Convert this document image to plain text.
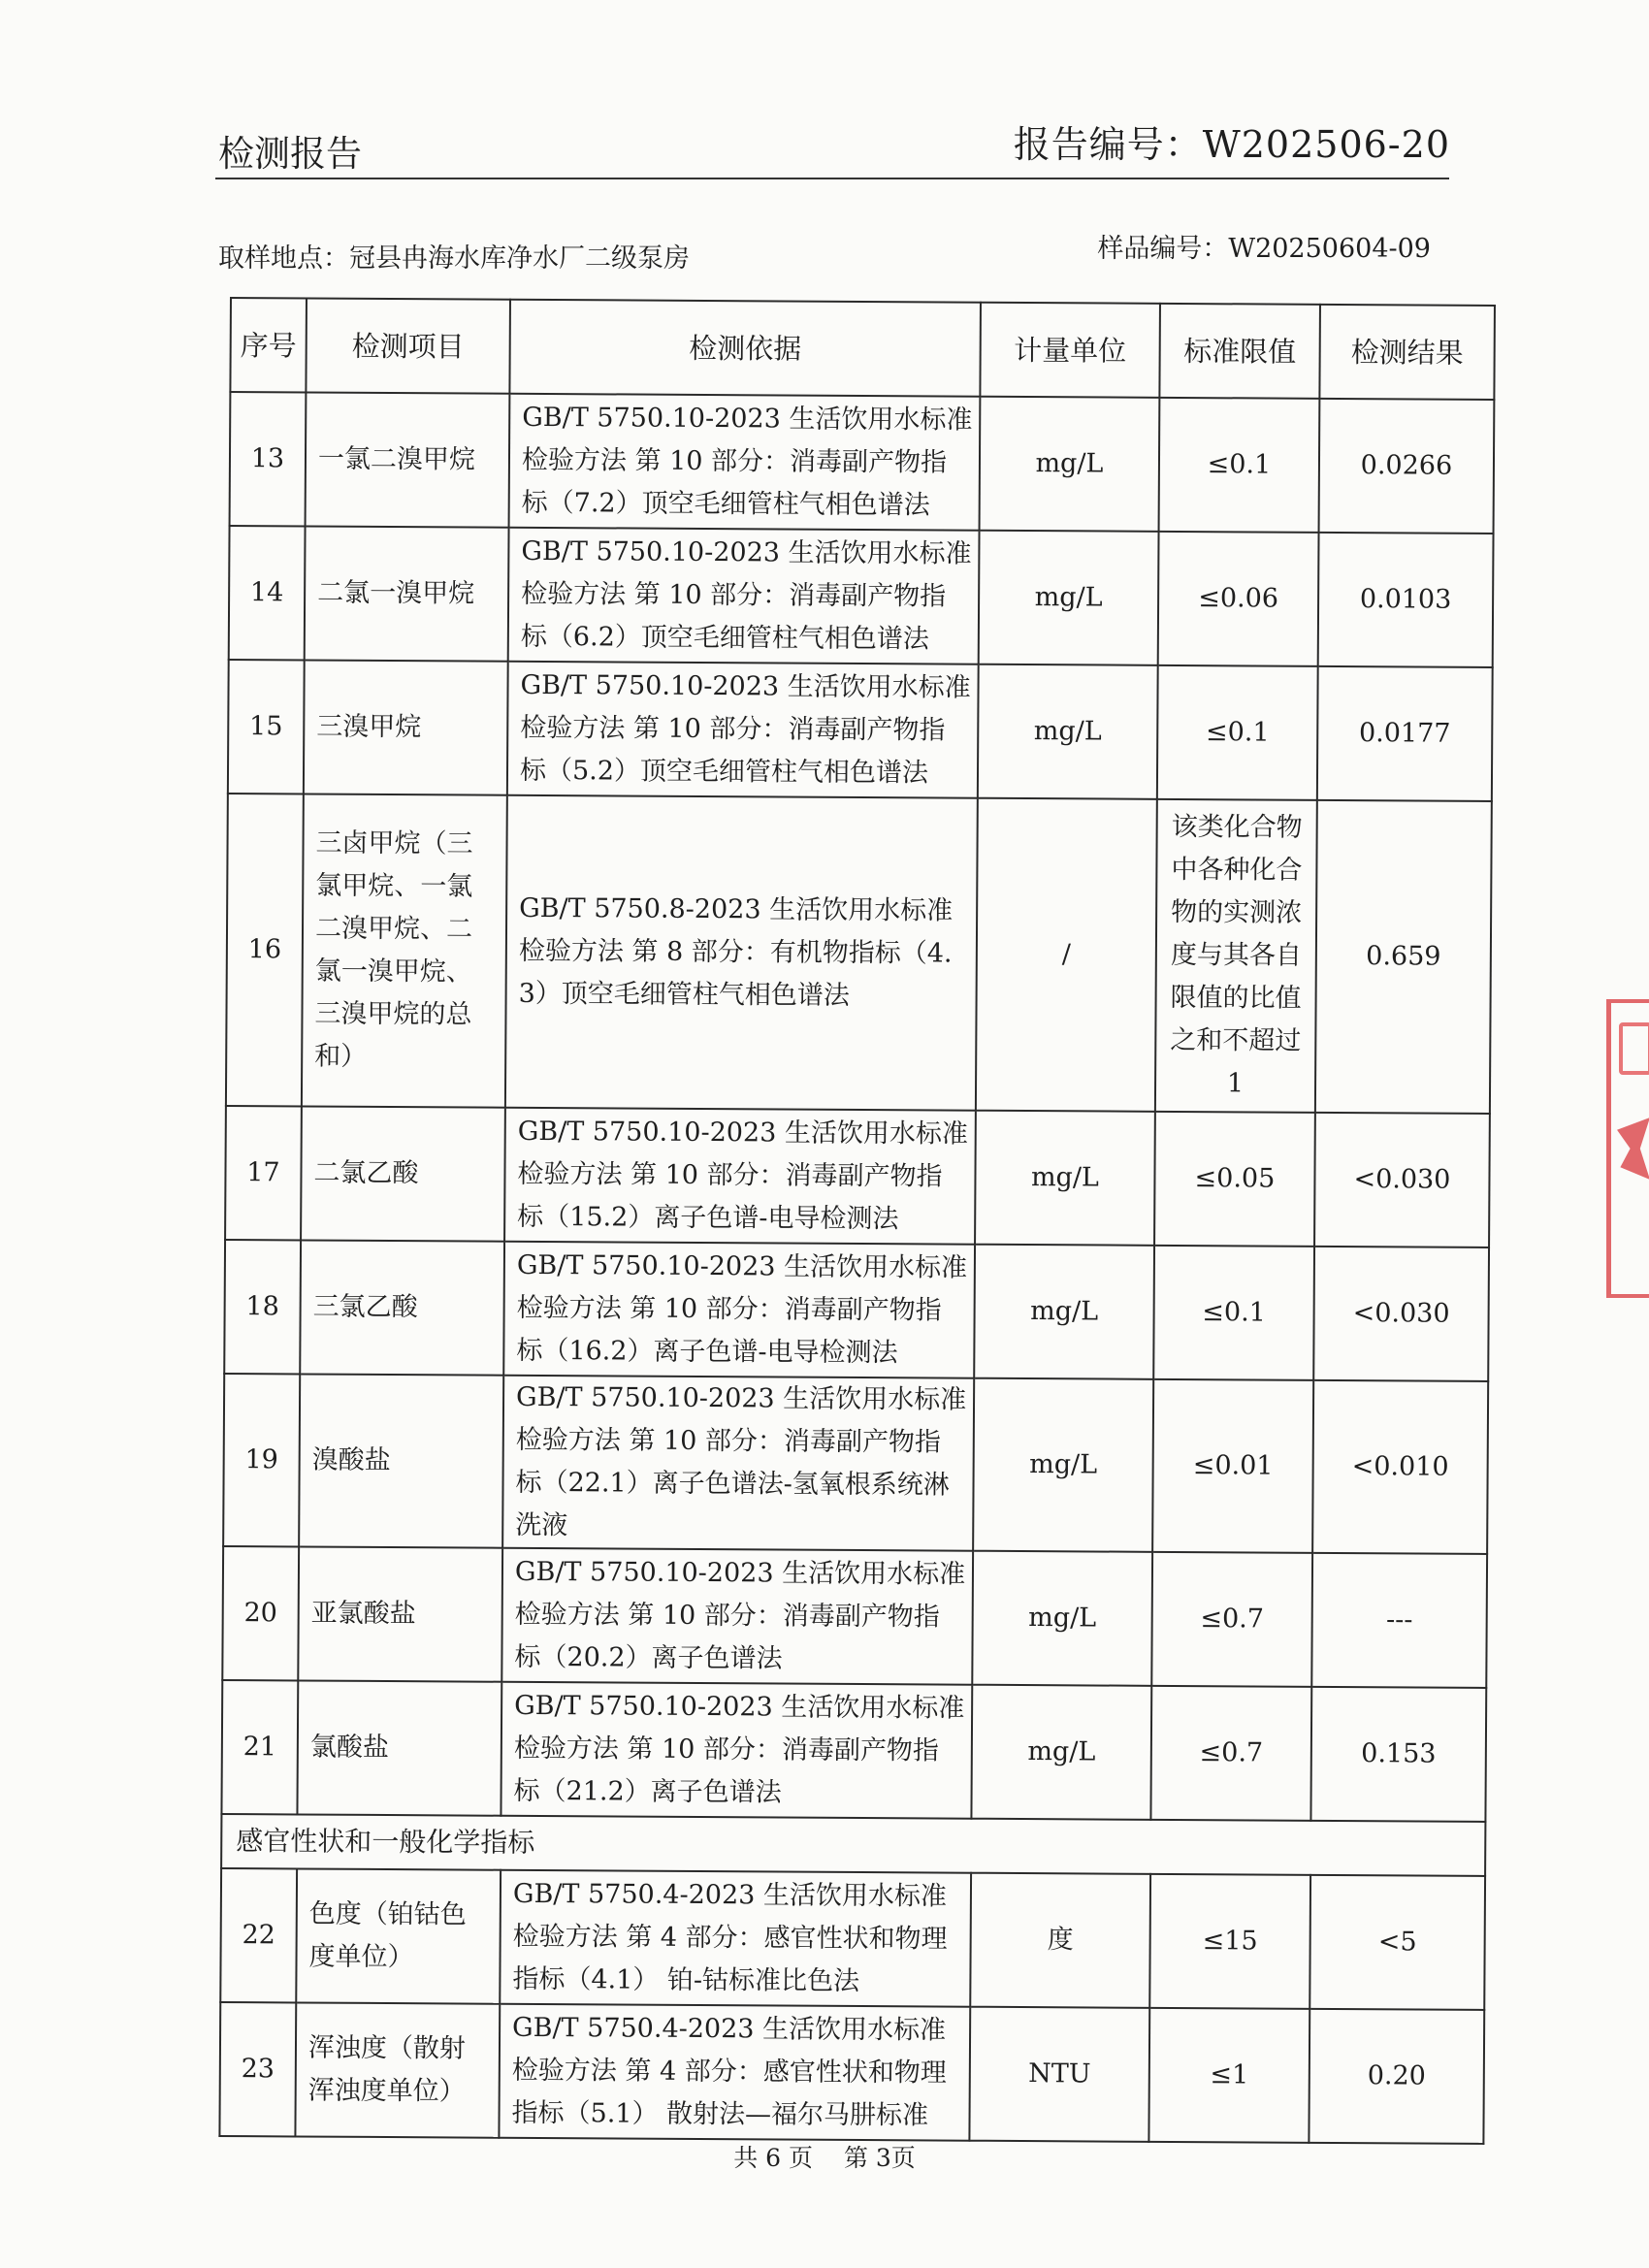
检测报告	报告编号：W202506-20
取样地点：冠县冉海水库净水厂二级泵房	样品编号：W20250604-09
序号	检测项目	检测依据	计量单位	标准限值	检测结果
13	一氯二溴甲烷	GB/T 5750.10-2023 生活饮用水标准检验方法 第 10 部分：消毒副产物指标（7.2）顶空毛细管柱气相色谱法	mg/L	≤0.1	0.0266
14	二氯一溴甲烷	GB/T 5750.10-2023 生活饮用水标准检验方法 第 10 部分：消毒副产物指标（6.2）顶空毛细管柱气相色谱法	mg/L	≤0.06	0.0103
15	三溴甲烷	GB/T 5750.10-2023 生活饮用水标准检验方法 第 10 部分：消毒副产物指标（5.2）顶空毛细管柱气相色谱法	mg/L	≤0.1	0.0177
16	三卤甲烷（三氯甲烷、一氯二溴甲烷、二氯一溴甲烷、三溴甲烷的总和）	GB/T 5750.8-2023 生活饮用水标准检验方法 第 8 部分：有机物指标（4.3）顶空毛细管柱气相色谱法	/	该类化合物中各种化合物的实测浓度与其各自限值的比值之和不超过1	0.659
17	二氯乙酸	GB/T 5750.10-2023 生活饮用水标准检验方法 第 10 部分：消毒副产物指标（15.2）离子色谱-电导检测法	mg/L	≤0.05	<0.030
18	三氯乙酸	GB/T 5750.10-2023 生活饮用水标准检验方法 第 10 部分：消毒副产物指标（16.2）离子色谱-电导检测法	mg/L	≤0.1	<0.030
19	溴酸盐	GB/T 5750.10-2023 生活饮用水标准检验方法 第 10 部分：消毒副产物指标（22.1）离子色谱法-氢氧根系统淋洗液	mg/L	≤0.01	<0.010
20	亚氯酸盐	GB/T 5750.10-2023 生活饮用水标准检验方法 第 10 部分：消毒副产物指标（20.2）离子色谱法	mg/L	≤0.7	---
21	氯酸盐	GB/T 5750.10-2023 生活饮用水标准检验方法 第 10 部分：消毒副产物指标（21.2）离子色谱法	mg/L	≤0.7	0.153
感官性状和一般化学指标					
22	色度（铂钴色度单位）	GB/T 5750.4-2023 生活饮用水标准检验方法 第 4 部分：感官性状和物理指标（4.1） 铂-钴标准比色法	度	≤15	<5
23	浑浊度（散射浑浊度单位）	GB/T 5750.4-2023 生活饮用水标准检验方法 第 4 部分：感官性状和物理指标（5.1） 散射法—福尔马肼标准	NTU	≤1	0.20
共 6 页 第 3页
